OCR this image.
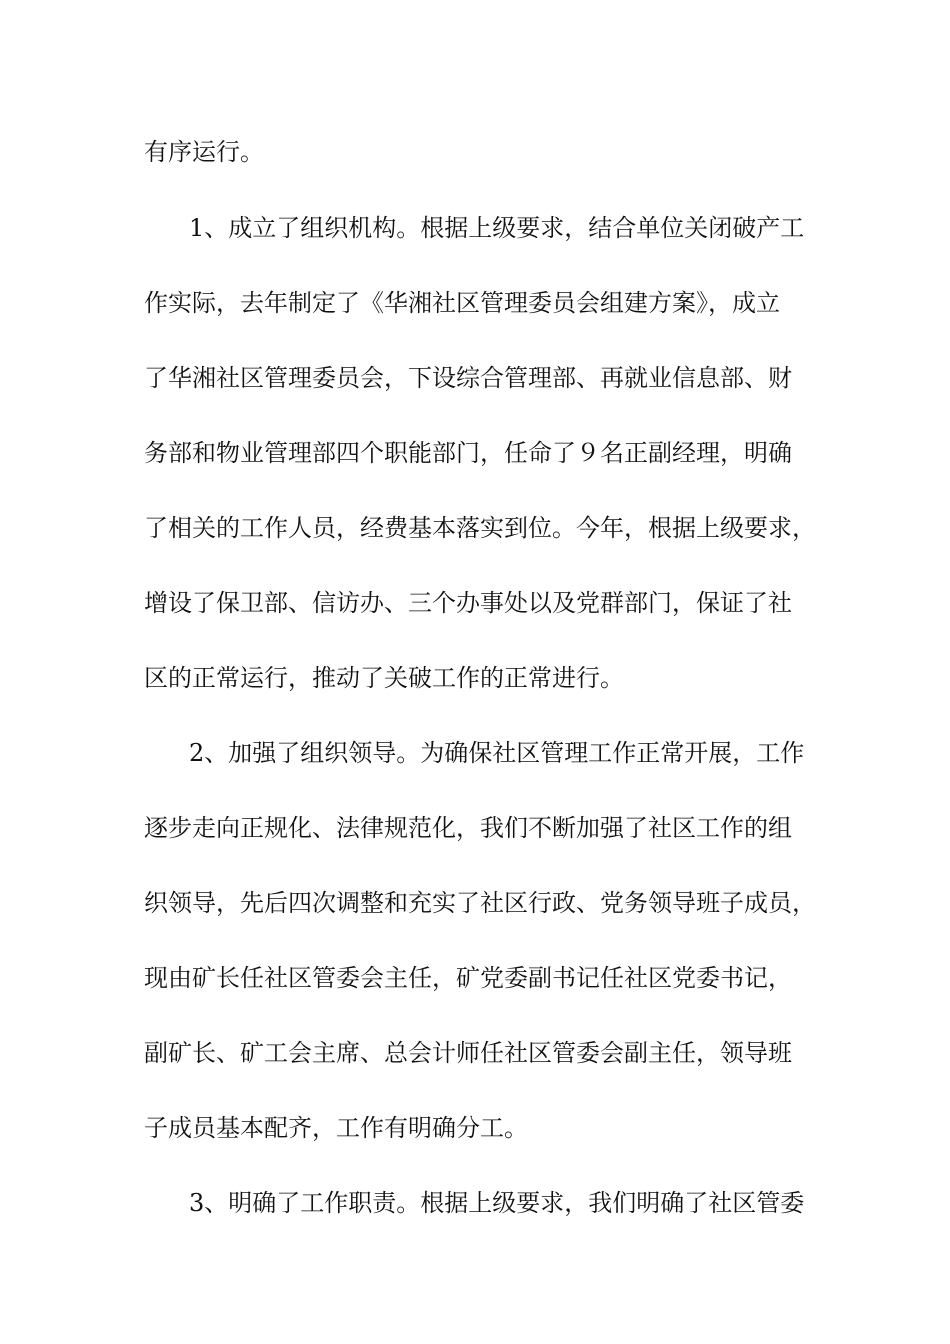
有序运行。
1、成立了组织机构。根据上级要求，结合单位关闭破产工
作实际，去年制定了《华湘社区管理委员会组建方案》，成立
了华湘社区管理委员会，下设综合管理部、再就业信息部、财
务部和物业管理部四个职能部门，任命了９名正副经理，明确
了相关的工作人员，经费基本落实到位。今年，根据上级要求，
增设了保卫部、信访办、三个办事处以及党群部门，保证了社
区的正常运行，推动了关破工作的正常进行。
2、加强了组织领导。为确保社区管理工作正常开展，工作
逐步走向正规化、法律规范化，我们不断加强了社区工作的组
织领导，先后四次调整和充实了社区行政、党务领导班子成员，
现由矿长任社区管委会主任，矿党委副书记任社区党委书记，
副矿长、矿工会主席、总会计师任社区管委会副主任，领导班
子成员基本配齐，工作有明确分工。
3、明确了工作职责。根据上级要求，我们明确了社区管委
